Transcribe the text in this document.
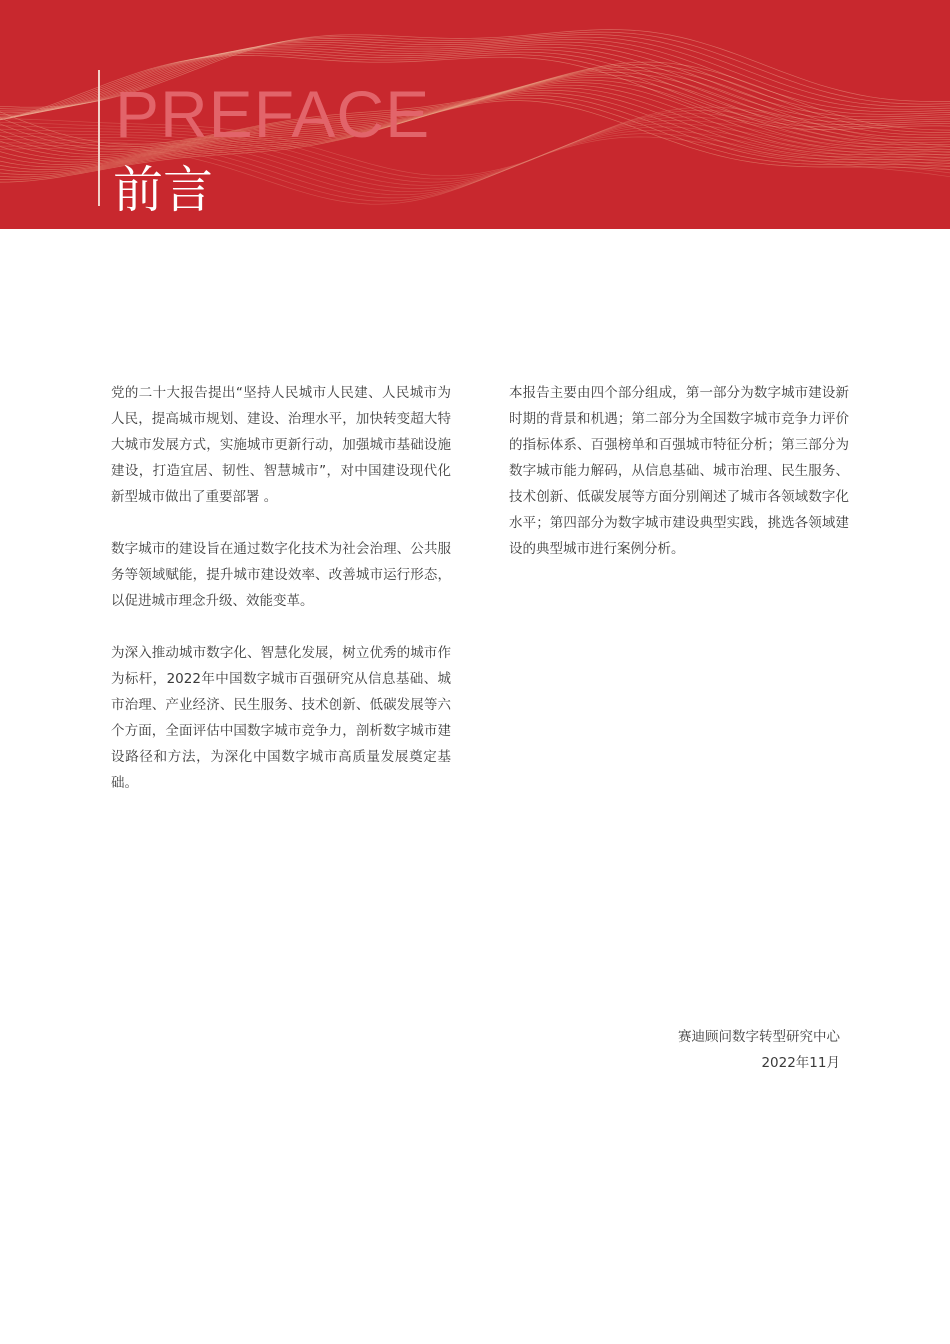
PREFACE
前言

党的二十大报告提出“坚持人民城市人民建、人民城市为人民，提高城市规划、建设、治理水平，加快转变超大特大城市发展方式，实施城市更新行动，加强城市基础设施建设，打造宜居、韧性、智慧城市”，对中国建设现代化新型城市做出了重要部署 。

数字城市的建设旨在通过数字化技术为社会治理、公共服务等领域赋能，提升城市建设效率、改善城市运行形态，以促进城市理念升级、效能变革。

为深入推动城市数字化、智慧化发展，树立优秀的城市作为标杆，2022年中国数字城市百强研究从信息基础、城市治理、产业经济、民生服务、技术创新、低碳发展等六个方面，全面评估中国数字城市竞争力，剖析数字城市建设路径和方法，为深化中国数字城市高质量发展奠定基础。

本报告主要由四个部分组成，第一部分为数字城市建设新时期的背景和机遇；第二部分为全国数字城市竞争力评价的指标体系、百强榜单和百强城市特征分析；第三部分为数字城市能力解码，从信息基础、城市治理、民生服务、技术创新、低碳发展等方面分别阐述了城市各领域数字化水平；第四部分为数字城市建设典型实践，挑选各领域建设的典型城市进行案例分析。

赛迪顾问数字转型研究中心
2022年11月
